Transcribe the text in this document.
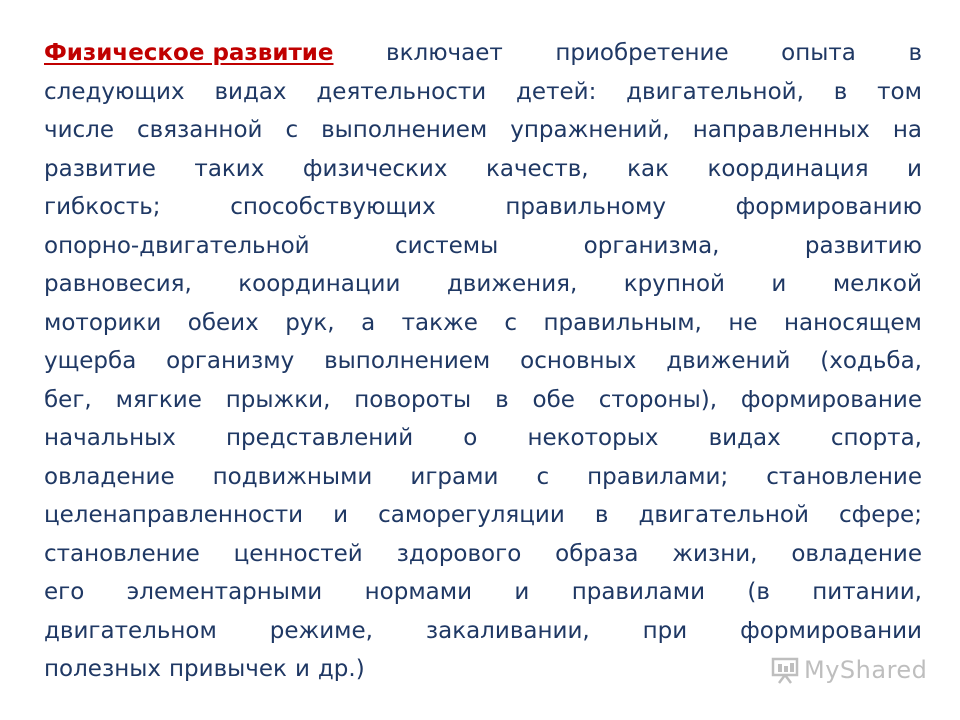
Физическое развитие включает приобретение опыта в
следующих видах деятельности детей: двигательной, в том
числе связанной с выполнением упражнений, направленных на
развитие таких физических качеств, как координация и
гибкость;	способствующих	правильному	формированию
опорно-двигательной	системы	организма,	развитию
равновесия, координации движения, крупной и мелкой
моторики обеих рук, а также с правильным, не наносящем
ущерба организму выполнением основных движений (ходьба,
бег, мягкие прыжки, повороты в обе стороны), формирование
начальных представлений о некоторых видах спорта,
овладение подвижными играми с правилами; становление
целенаправленности и саморегуляции в двигательной сфере;
становление ценностей здорового образа жизни, овладение
его элементарными нормами и правилами (в питании,
двигательном режиме, закаливании, при формировании
полезных привычек и др.)	MyShared
